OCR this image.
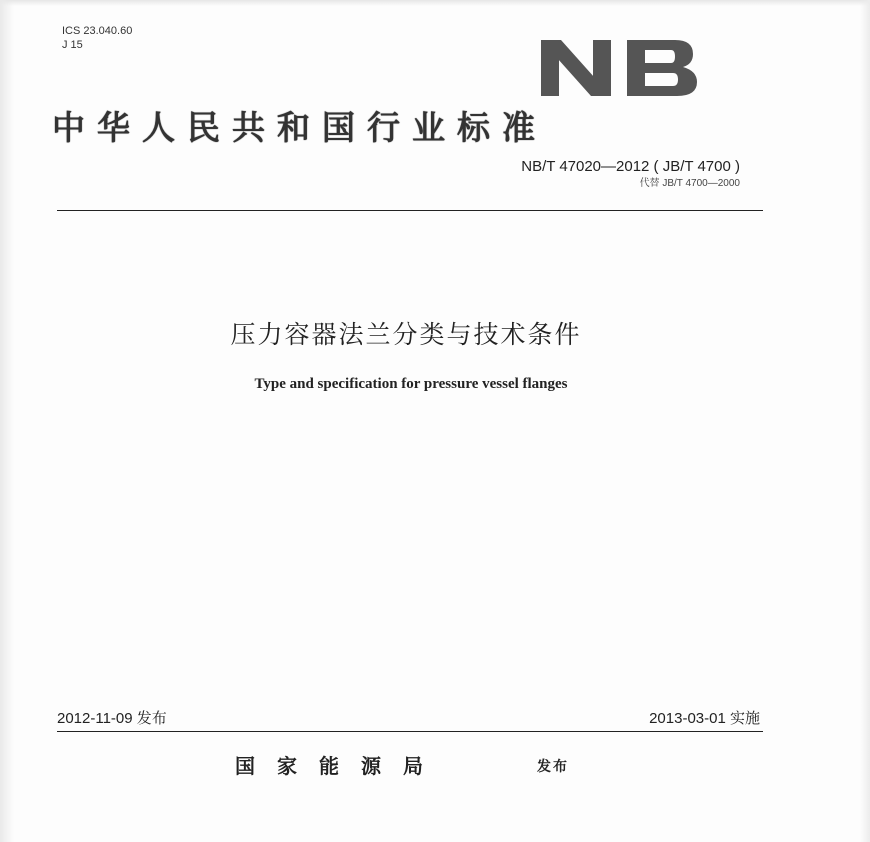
ICS 23.040.60
J 15
中华人民共和国行业标准
NB/T 47020—2012 ( JB/T 4700 )
代替 JB/T 4700—2000
压力容器法兰分类与技术条件
Type and specification for pressure vessel flanges
2012-11-09 发布	2013-03-01 实施
国家能源局	发布
